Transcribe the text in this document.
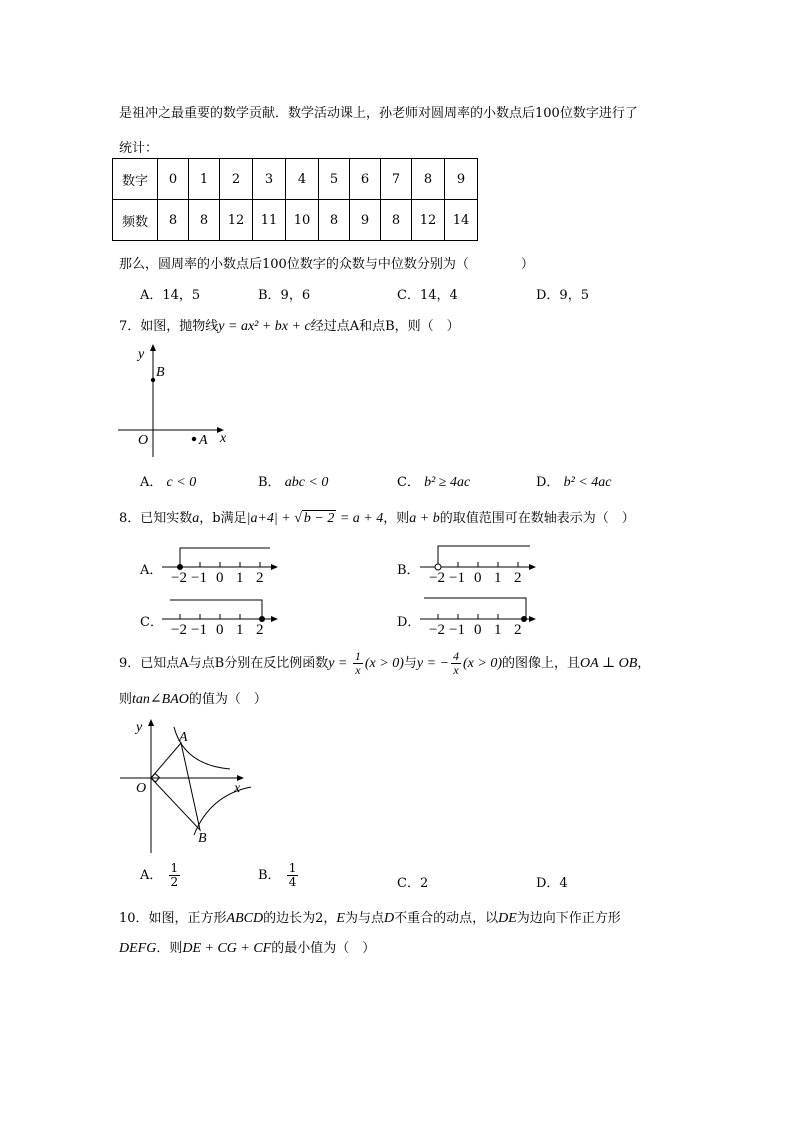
是祖冲之最重要的数学贡献．数学活动课上，孙老师对圆周率的小数点后100位数字进行了
统计：
数字	0	1	2	3	4	5	6	7	8	9
频数	8	8	12	11	10	8	9	8	12	14
那么，圆周率的小数点后100位数字的众数与中位数分别为（　　　　）
A．14，5	B．9，6	C．14，4	D．9，5
7．如图，抛物线y = ax² + bx + c经过点A和点B，则（　）
y
B
O	A x
A． c < 0	B． abc < 0	C． b² ≥ 4ac	D． b² < 4ac
8．已知实数a，b满足|a+4| + √ b − 2 = a + 4，则a + b的取值范围可在数轴表示为（　）
A．	B．
C．	D．
−2 −1 0 1 2	−2 −1 0 1 2
−2 −1 0 1 2	−2 −1 0 1 2
9．已知点A与点B分别在反比例函数$y = \frac{1}{x} (x > 0)$与y = − $\frac{4}{x} (x > 0)$的图像上，且OA ⊥ OB，
则tan∠BAO的值为（　）
y
A
O	x
B
A． $\frac{1}{2}$	B． $\frac{1}{4}$	C．2	D．4
10．如图，正方形ABCD的边长为2，E为与点D不重合的动点，以DE为边向下作正方形
DEFG．则DE + CG + CF的最小值为（　）
